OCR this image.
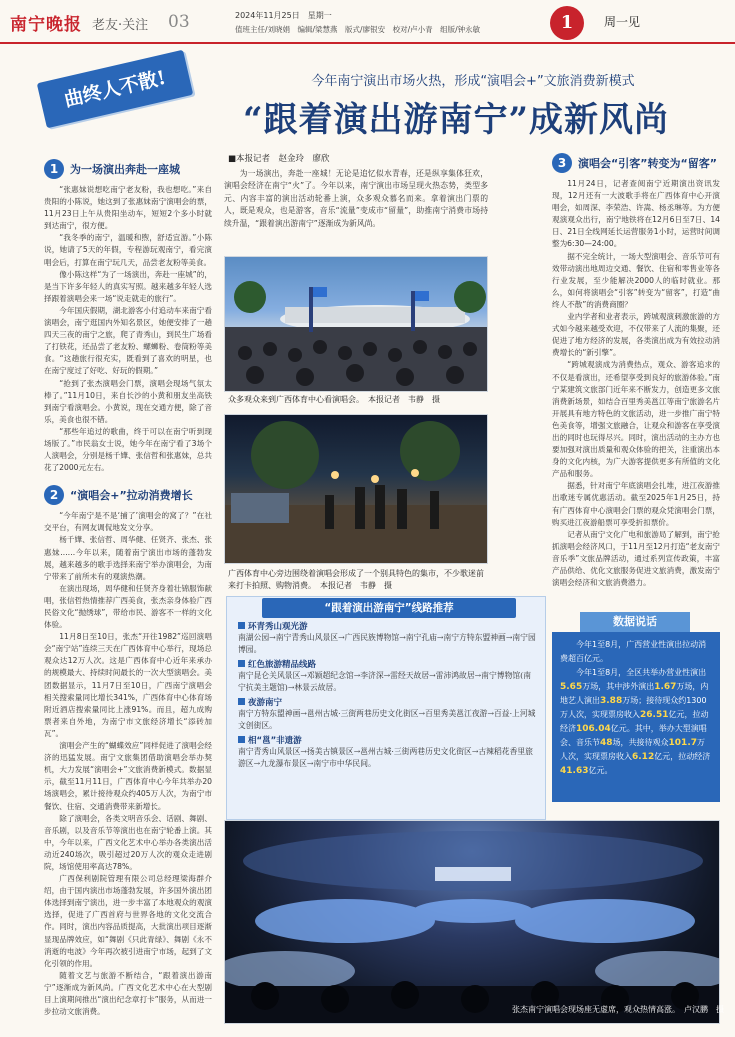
南宁晚报 老友·关注 03	2024年11月25日　星期一
值班主任/刘晓娟　编辑/梁慧燕　版式/廖银安　校对/卢小青　组版/钟永敏	1	周一见
曲终人不散!	今年南宁演出市场火热，形成“演唱会+”文旅消费新模式
“跟着演出游南宁”成新风尚
1	为一场演出奔赴一座城

“张惠妹说想吃南宁老友粉，我也想吃。”来自贵阳的小陈说，她这到了张惠妹南宁演唱会的票，11月23日上午从贵阳坐动车，短短2个多小时就到达南宁，很方便。

“我冬季的南宁，温暖和煦，舒适宜游。”小陈说，她请了5天的年假，专程游玩观南宁，看完演唱会后，打算在南宁玩几天，品尝老友粉等美食。

像小陈这样“为了一场演出，奔赴一座城”的，是当下许多年轻人的真实写照。越来越多年轻人选择跟着演唱会来一场“说走就走的旅行”。

今年国庆假期，湖北游客小付追动车来南宁看演唱会，南宁逛国内外知名景区，她便安排了一趟四天三夜的南宁之旅，爬了青秀山，到民生广场看了打铁花，还品尝了老友粉、螺蛳粉、卷筒粉等美食。“这趟旅行很充实，既看到了喜欢的明星，也在南宁度过了好吃、好玩的假期。”

“抢到了张杰演唱会门票，演唱会现场气氛太棒了。”11月10日，来自长沙的小黄和朋友坐高铁到南宁看演唱会。小黄说，现在交通方便，除了音乐，美食也很不错。

“那些年追过的歌曲，终于可以在南宁听到现场版了。”市民翁女士说，她今年在南宁看了3场个人演唱会，分别是杨千嬅、张信哲和张惠妹，总共花了2000元左右。

2	“演唱会+”拉动消费增长

“今年南宁是不是‘捕了’演唱会的窝了？”在社交平台，有网友调侃地发文分享。

杨千嬅、张信哲、周华健、任贤齐、张杰、张惠妹……今年以来，随着南宁演出市场的蓬勃发展，越来越多的歌手选择来南宁举办演唱会，为南宁带来了前所未有的观演热潮。

在演出现场，周华健和任贤齐身着壮锦服饰献唱，张信哲热情推荐广西美食，张杰亲身体验广西民俗文化“抛绣球”，带给市民、游客不一样的文化体验。

11月8日至10日，张杰“开往1982”巡回演唱会“南宁站”连续三天在广西体育中心举行，现场总观众达12万人次。这是广西体育中心近年来承办的规模最大、持续时间最长的一次大型演唱会。美团数据显示，11月7日至10日，广西南宁演唱会相关搜索量同比增长341%，广西体育中心体育场附近酒店搜索量同比上涨91%。而且，超九成购票者来自外地，为南宁市文旅经济增长“添砖加瓦”。

演唱会产生的“蝴蝶效应”同样促进了演唱会经济的迅猛发展。南宁文旅集团借助演唱会举办契机，大力发展“演唱会+”文旅消费新模式。数据显示，截至11月11日，广西体育中心今年共举办20场演唱会，累计接待观众约405万人次，为南宁市餐饮、住宿、交通消费带来新增长。

除了演唱会，各类文明音乐会、话剧、舞剧、音乐剧，以及音乐节等演出也在南宁轮番上演。其中，今年以来，广西文化艺术中心举办各类演出活动近240场次，吸引超过20万人次的观众走进剧院，场馆使用率高达78%。

广西保利剧院管理有限公司总经理梁海群介绍，由于国内演出市场蓬勃发展，许多国外演出团体选择到南宁演出，进一步丰富了本地观众的观演选择，促进了广西首府与世界各地的文化交流合作。同时，演出内容品质提高，大批演出项目逐渐显现品牌效应，如“舞剧《只此青绿》、舞剧《永不消逝的电波》今年再次被引进南宁市场，起到了文化引领的作用。

随着文艺与旅游不断结合，“跟着演出游南宁”逐渐成为新风尚。广西文化艺术中心在大型剧目上演期间推出“演出纪念章打卡”服务，从而进一步拉动文旅消费。

■本报记者　赵金玲　廖欣

为一场演出，奔赴一座城！无论是追忆似水青春，还是纵享集体狂欢，演唱会经济在南宁“火”了。今年以来，南宁演出市场呈现火热态势，类型多元、内容丰富的演出活动轮番上演，众多观众慕名而来。拿着演出门票的人，既是观众，也是游客，音乐“流量”变成市“留量”，助推南宁消费市场持续升温，“跟着演出游南宁”逐渐成为新风尚。

众多观众来到广西体育中心看演唱会。　本报记者　韦静　摄
广西体育中心旁边围绕着演唱会形成了一个别具特色的集市，不少歌迷前来打卡拍照、购物消费。　本报记者　韦静　摄
“跟着演出游南宁”线路推荐
环青秀山观光游
南湖公园→南宁青秀山风景区→广西民族博物馆→南宁孔庙→南宁方特东盟神画→南宁园博园。
红色旅游精品线路
南宁昆仑关风景区→邓颖超纪念馆→李济深→雷经天故居→雷沛鸿故居→南宁博物馆(南宁抗美主题馆)→林景云故居。
夜游南宁
南宁方特东盟神画→邕州古城·三街两巷历史文化街区→百里秀美邕江夜游→百益·上河城文创街区。
相“邕”非遗游
南宁青秀山风景区→扬美古镇景区→邕州古城·三街两巷历史文化街区→古辣稻花香里旅游区→九龙瀑布景区→南宁市中华民间。
3	演唱会“引客”转变为“留客”

11月24日，记者查阅南宁近期演出资讯发现，12月还有一大波歌手将在广西体育中心开演唱会，如周深、李荣浩、许嵩、杨丞琳等。为方便观演观众出行，南宁地铁将在12月6日至7日、14日、21日全线网延长运营服务1小时，运营时间调整为6:30—24:00。

据不完全统计，一场大型演唱会、音乐节可有效带动演出地周边交通、餐饮、住宿和零售业等各行业发展，至少能解决2000人的临时就业。那么，如何将演唱会“引客”转变为“留客”，打造“曲终人不散”的消费商圈？

业内学者和业者表示，跨城观演刺激旅游的方式如今越来越受欢迎，不仅带来了人流的集聚，还促进了地方经济的发展，各类演出成为有效拉动消费增长的“新引擎”。

“跨城观演成为消费热点，观众、游客追求的不仅是看演出，还希望享受到良好的旅游体验。”南宁某建筑文旅部门近年来不断发力，创造更多文旅消费新场景，如结合百里秀美邕江等南宁旅游名片开展具有地方特色的文旅活动，进一步推广南宁特色美食等，增强文旅融合，让观众和游客在享受演出的同时也玩得尽兴。同时，演出活动的主办方也要加强对演出质量和观众体验的把关，注重演出本身的文化内核，为广大游客提供更多有所值的文化产品和服务。

据悉，针对南宁年底演唱会扎堆，进江夜游推出歌迷专属优惠活动。截至2025年1月25日，持有广西体育中心演唱会门票的观众凭演唱会门票，购买进江夜游船票可享受折扣票价。

记者从南宁文化广电和旅游局了解到，南宁抢抓演唱会经济风口，于11月至12月打造“老友南宁音乐季”文旅品牌活动，通过系列宣传政策，丰富产品供给、优化文旅服务促进文旅消费，激发南宁演唱会经济和文旅消费潜力。

数据说话

今年1至8月，广西营业性演出拉动消费超百亿元。

今年1至8月，全区共举办营业性演出5.65万场，其中涉外演出1.67万场，内地艺人演出3.88万场；接待现众约1300万人次，实现票房收入26.51亿元，拉动经济106.04亿元。其中，举办大型演唱会、音乐节48场，共接待观众101.7万人次，实现票房收入6.12亿元，拉动经济41.63亿元。

张杰南宁演唱会现场座无虚席，观众热情高涨。　卢汉鹏　摄
